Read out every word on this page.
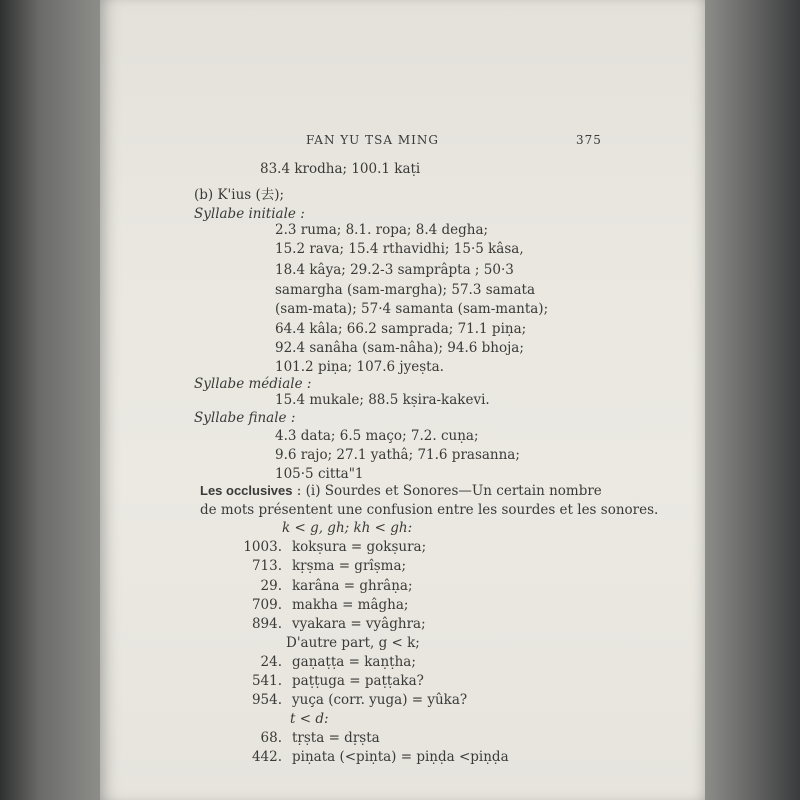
FAN YU TSA MING	375
83.4 krodha; 100.1 kaṭi
(b) K'ius (去);
Syllabe initiale :
2.3 ruma; 8.1. ropa; 8.4 degha;
15.2 rava; 15.4 rthavidhi; 15·5 kâsa,
18.4 kâya; 29.2-3 samprâpta ; 50·3
samargha (sam-margha); 57.3 samata
(sam-mata); 57·4 samanta (sam-manta);
64.4 kâla; 66.2 sampradа; 71.1 piṇa;
92.4 sanâha (sam-nâha); 94.6 bhoja;
101.2 piṇa; 107.6 jyeṣta.
Syllabe médiale :
15.4 mukale; 88.5 kṣira-kakevi.
Syllabe finale :
4.3 data; 6.5 maço; 7.2. cuṇa;
9.6 rajo; 27.1 yathâ; 71.6 prasanna;
105·5 citta"1
Les occlusives : (i) Sourdes et Sonores—Un certain nombre
de mots présentent une confusion entre les sourdes et les sonores.
k < g, gh; kh < gh:
1003. kokṣura = gokṣura;
713. kṛṣma = grîṣma;
29. karâna = ghrâṇa;
709. makha = mâgha;
894. vyakara = vyâghra;
D'autre part, g < k;
24. gaṇaṭṭa = kaṇṭha;
541. paṭṭuga = paṭṭaka?
954. yuça (corr. yuga) = yûka?
t < d:
68. tṛṣta = dṛṣta
442. piṇata (<piṇta) = piṇḍa <piṇḍa
